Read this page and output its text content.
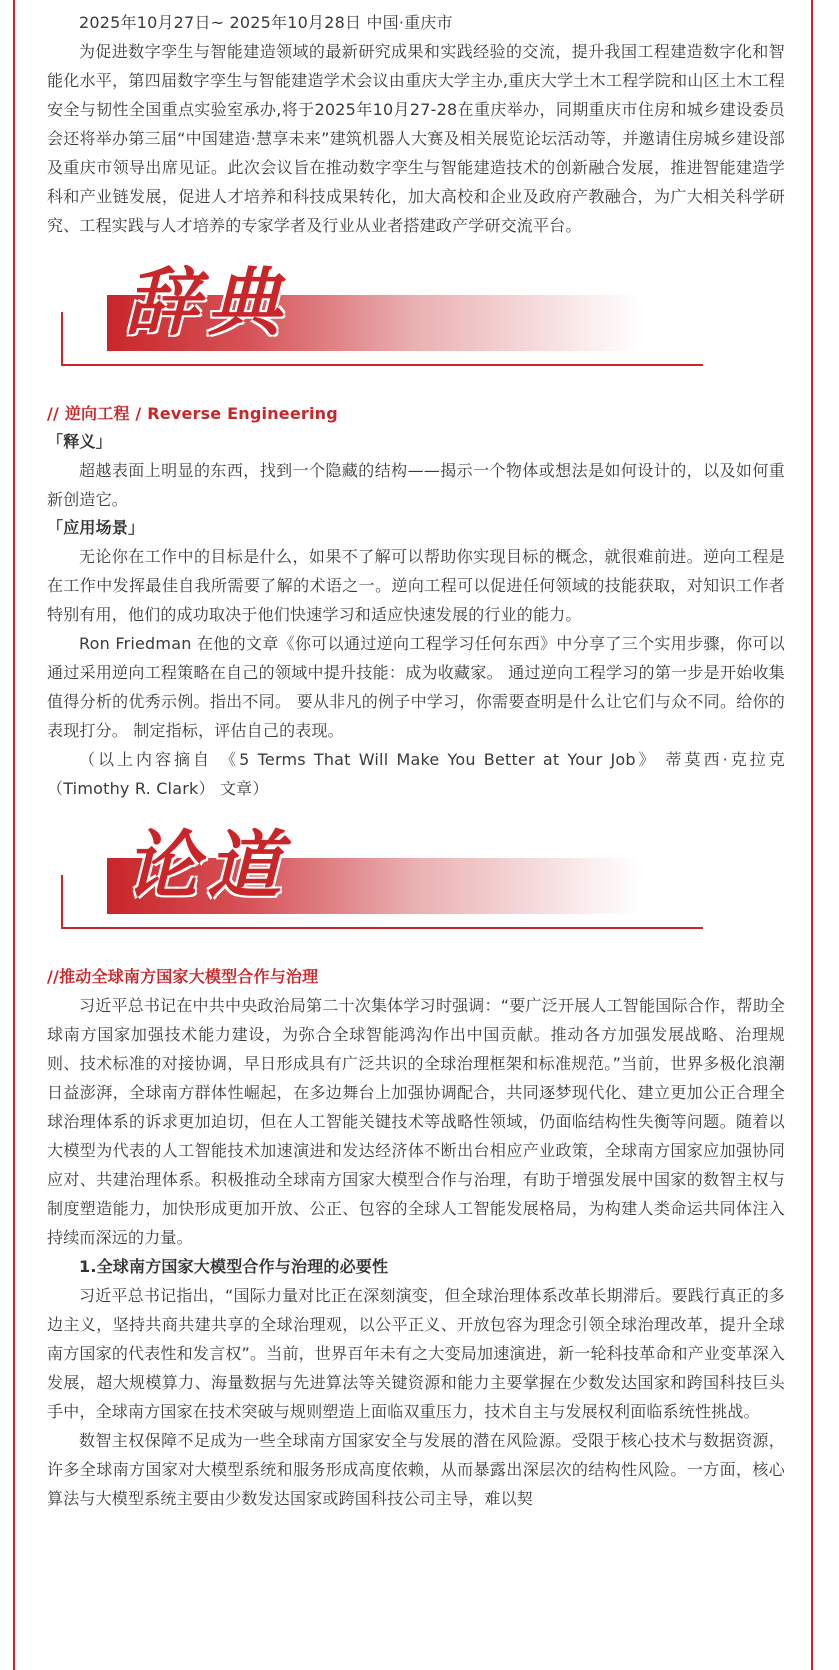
2025年10月27日~ 2025年10月28日 中国·重庆市

为促进数字孪生与智能建造领域的最新研究成果和实践经验的交流，提升我国工程建造数字化和智能化水平，第四届数字孪生与智能建造学术会议由重庆大学主办,重庆大学土木工程学院和山区土木工程安全与韧性全国重点实验室承办,将于2025年10月27-28在重庆举办，同期重庆市住房和城乡建设委员会还将举办第三届“中国建造·慧享未来”建筑机器人大赛及相关展览论坛活动等，并邀请住房城乡建设部及重庆市领导出席见证。此次会议旨在推动数字孪生与智能建造技术的创新融合发展，推进智能建造学科和产业链发展，促进人才培养和科技成果转化，加大高校和企业及政府产教融合，为广大相关科学研究、工程实践与人才培养的专家学者及行业从业者搭建政产学研交流平台。

辞典

// 逆向工程 / Reverse Engineering

「释义」

超越表面上明显的东西，找到一个隐藏的结构——揭示一个物体或想法是如何设计的，以及如何重新创造它。

「应用场景」

无论你在工作中的目标是什么，如果不了解可以帮助你实现目标的概念，就很难前进。逆向工程是在工作中发挥最佳自我所需要了解的术语之一。逆向工程可以促进任何领域的技能获取，对知识工作者特别有用，他们的成功取决于他们快速学习和适应快速发展的行业的能力。

Ron Friedman 在他的文章《你可以通过逆向工程学习任何东西》中分享了三个实用步骤，你可以通过采用逆向工程策略在自己的领域中提升技能：成为收藏家。 通过逆向工程学习的第一步是开始收集值得分析的优秀示例。指出不同。 要从非凡的例子中学习，你需要查明是什么让它们与众不同。给你的表现打分。 制定指标，评估自己的表现。

（以上内容摘自 《5 Terms That Will Make You Better at Your Job》 蒂莫西·克拉克（Timothy R. Clark） 文章）

论道

//推动全球南方国家大模型合作与治理

习近平总书记在中共中央政治局第二十次集体学习时强调：“要广泛开展人工智能国际合作，帮助全球南方国家加强技术能力建设，为弥合全球智能鸿沟作出中国贡献。推动各方加强发展战略、治理规则、技术标准的对接协调，早日形成具有广泛共识的全球治理框架和标准规范。”当前，世界多极化浪潮日益澎湃，全球南方群体性崛起，在多边舞台上加强协调配合，共同逐梦现代化、建立更加公正合理全球治理体系的诉求更加迫切，但在人工智能关键技术等战略性领域，仍面临结构性失衡等问题。随着以大模型为代表的人工智能技术加速演进和发达经济体不断出台相应产业政策，全球南方国家应加强协同应对、共建治理体系。积极推动全球南方国家大模型合作与治理，有助于增强发展中国家的数智主权与制度塑造能力，加快形成更加开放、公正、包容的全球人工智能发展格局，为构建人类命运共同体注入持续而深远的力量。

1.全球南方国家大模型合作与治理的必要性

习近平总书记指出，“国际力量对比正在深刻演变，但全球治理体系改革长期滞后。要践行真正的多边主义，坚持共商共建共享的全球治理观，以公平正义、开放包容为理念引领全球治理改革，提升全球南方国家的代表性和发言权”。当前，世界百年未有之大变局加速演进，新一轮科技革命和产业变革深入发展，超大规模算力、海量数据与先进算法等关键资源和能力主要掌握在少数发达国家和跨国科技巨头手中，全球南方国家在技术突破与规则塑造上面临双重压力，技术自主与发展权利面临系统性挑战。

数智主权保障不足成为一些全球南方国家安全与发展的潜在风险源。受限于核心技术与数据资源，许多全球南方国家对大模型系统和服务形成高度依赖，从而暴露出深层次的结构性风险。一方面，核心算法与大模型系统主要由少数发达国家或跨国科技公司主导，难以契
